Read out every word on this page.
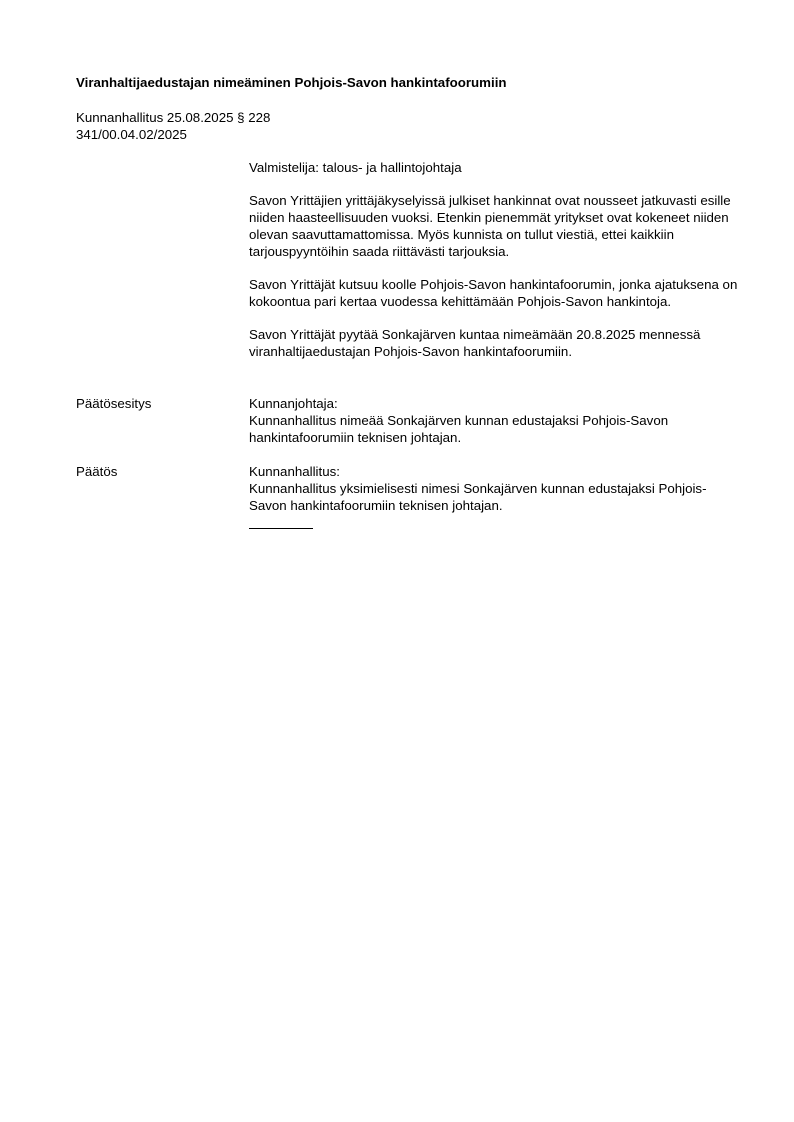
Viranhaltijaedustajan nimeäminen Pohjois-Savon hankintafoorumiin
Kunnanhallitus 25.08.2025 § 228
341/00.04.02/2025

Valmistelija: talous- ja hallintojohtaja

Savon Yrittäjien yrittäjäkyselyissä julkiset hankinnat ovat nousseet jatkuvasti esille niiden haasteellisuuden vuoksi. Etenkin pienemmät yritykset ovat kokeneet niiden olevan saavuttamattomissa. Myös kunnista on tullut viestiä, ettei kaikkiin tarjouspyyntöihin saada riittävästi tarjouksia.

Savon Yrittäjät kutsuu koolle Pohjois-Savon hankintafoorumin, jonka ajatuksena on kokoontua pari kertaa vuodessa kehittämään Pohjois-Savon hankintoja.

Savon Yrittäjät pyytää Sonkajärven kuntaa nimeämään 20.8.2025 mennessä viranhaltijaedustajan Pohjois-Savon hankintafoorumiin.

Päätösesitys	Kunnanjohtaja:
Kunnanhallitus nimeää Sonkajärven kunnan edustajaksi Pohjois-Savon hankintafoorumiin teknisen johtajan.
Päätös	Kunnanhallitus:
Kunnanhallitus yksimielisesti nimesi Sonkajärven kunnan edustajaksi Pohjois-Savon hankintafoorumiin teknisen johtajan.
